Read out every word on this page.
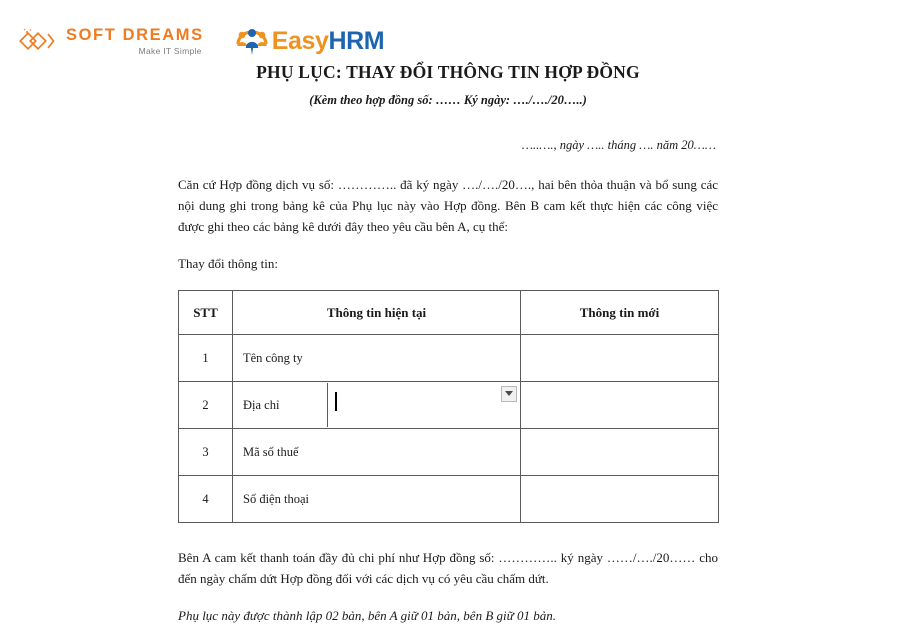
SOFT DREAMS
Make IT Simple	EasyHRM
PHỤ LỤC: THAY ĐỔI THÔNG TIN HỢP ĐỒNG
(Kèm theo hợp đồng số: …… Ký ngày: …./…./20…..)
…..…., ngày ….. tháng …. năm 20……
Căn cứ Hợp đồng dịch vụ số: ………….. đã ký ngày …./…./20…., hai bên thỏa thuận và bổ sung các nội dung ghi trong bảng kê của Phụ lục này vào Hợp đồng. Bên B cam kết thực hiện các công việc được ghi theo các bảng kê dưới đây theo yêu cầu bên A, cụ thể:
Thay đổi thông tin:
STT	Thông tin hiện tại	Thông tin mới
1	Tên công ty	
2	Địa chỉ	

3	Mã số thuế	
4	Số điện thoại	
Bên A cam kết thanh toán đầy đủ chi phí như Hợp đồng số: ………….. ký ngày ……/…./20…… cho đến ngày chấm dứt Hợp đồng đối với các dịch vụ có yêu cầu chấm dứt.
Phụ lục này được thành lập 02 bản, bên A giữ 01 bản, bên B giữ 01 bản.
